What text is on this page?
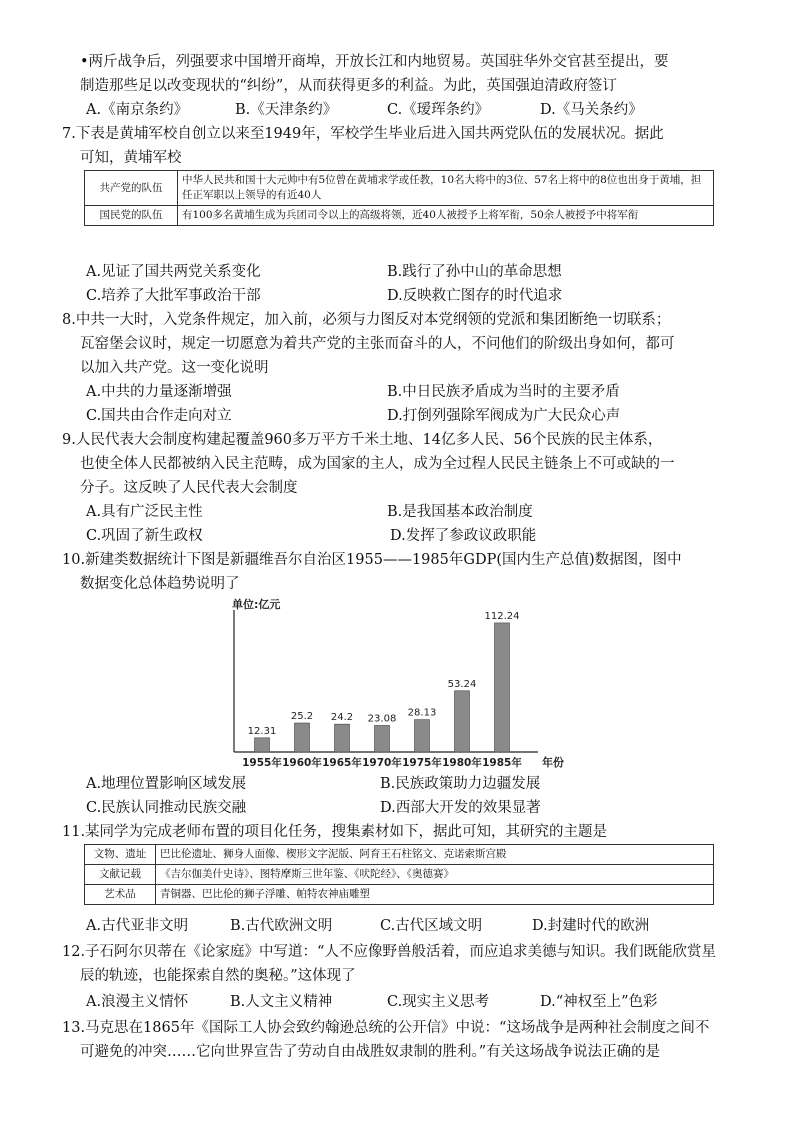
•两斤战争后，列强要求中国增开商埠，开放长江和内地贸易。英国驻华外交官甚至提出，要
制造那些足以改变现状的“纠纷”，从而获得更多的利益。为此，英国强迫清政府签订
A.《南京条约》	B.《天津条约》	C.《瑷珲条约》	D.《马关条约》
7.下表是黄埔军校自创立以来至1949年，军校学生毕业后进入国共两党队伍的发展状况。据此
可知，黄埔军校
共产党的队伍	中华人民共和国十大元帅中有5位曾在黄埔求学或任教，10名大将中的3位、57名上将中的8位也出身于黄埔，担任正军职以上领导的有近40人
国民党的队伍	有100多名黄埔生成为兵团司令以上的高级将领，近40人被授予上将军衔，50余人被授予中将军衔
A.见证了国共两党关系变化	B.践行了孙中山的革命思想
C.培养了大批军事政治干部	D.反映救亡图存的时代追求
8.中共一大时，入党条件规定，加入前，必须与力图反对本党纲领的党派和集团断绝一切联系；
瓦窑堡会议时，规定一切愿意为着共产党的主张而奋斗的人，不问他们的阶级出身如何，都可
以加入共产党。这一变化说明
A.中共的力量逐渐增强	B.中日民族矛盾成为当时的主要矛盾
C.国共由合作走向对立	D.打倒列强除军阀成为广大民众心声
9.人民代表大会制度构建起覆盖960多万平方千米土地、14亿多人民、56个民族的民主体系，
也使全体人民都被纳入民主范畴，成为国家的主人，成为全过程人民民主链条上不可或缺的一
分子。这反映了人民代表大会制度
A.具有广泛民主性	B.是我国基本政治制度
C.巩固了新生政权	D.发挥了参政议政职能
10.新建类数据统计下图是新疆维吾尔自治区1955——1985年GDP(国内生产总值)数据图，图中
数据变化总体趋势说明了
单位:亿元
年份
12.31
1955年
25.2
1960年
24.2
1965年
23.08
1970年
28.13
1975年
53.24
1980年
112.24
1985年
A.地理位置影响区域发展	B.民族政策助力边疆发展
C.民族认同推动民族交融	D.西部大开发的效果显著
11.某同学为完成老师布置的项目化任务，搜集素材如下，据此可知，其研究的主题是
文物、遗址	巴比伦遗址、狮身人面像、楔形文字泥版、阿育王石柱铭文、克诺索斯宫殿
文献记载	《吉尔伽美什史诗》、图特摩斯三世年鉴、《吠陀经》、《奥德赛》
艺术品	青铜器、巴比伦的狮子浮雕、帕特农神庙雕塑
A.古代亚非文明	B.古代欧洲文明	C.古代区域文明	D.封建时代的欧洲
12.子石阿尔贝蒂在《论家庭》中写道：“人不应像野兽般活着，而应追求美德与知识。我们既能欣赏星
辰的轨迹，也能探索自然的奥秘。”这体现了
A.浪漫主义情怀	B.人文主义精神	C.现实主义思考	D.“神权至上”色彩
13.马克思在1865年《国际工人协会致约翰逊总统的公开信》中说：“这场战争是两种社会制度之间不
可避免的冲突……它向世界宣告了劳动自由战胜奴隶制的胜利。”有关这场战争说法正确的是
